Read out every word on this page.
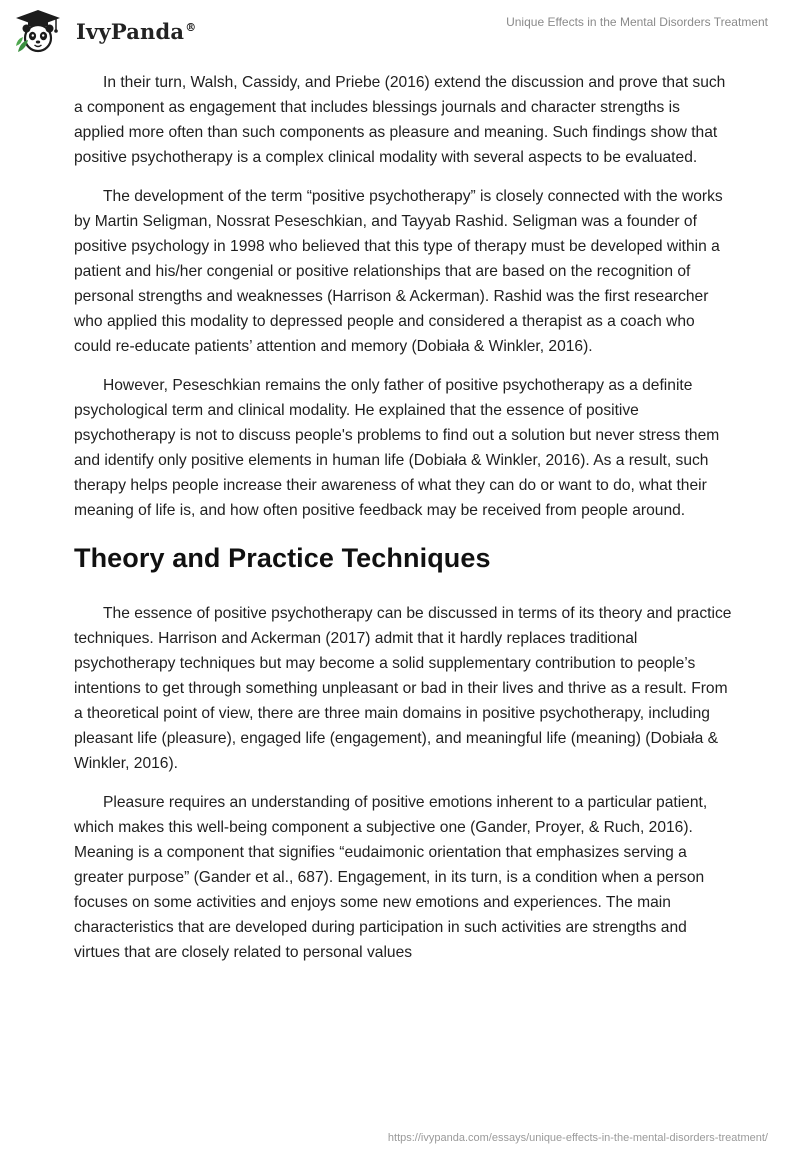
IvyPanda®	Unique Effects in the Mental Disorders Treatment

In their turn, Walsh, Cassidy, and Priebe (2016) extend the discussion and prove that such a component as engagement that includes blessings journals and character strengths is applied more often than such components as pleasure and meaning. Such findings show that positive psychotherapy is a complex clinical modality with several aspects to be evaluated.

The development of the term “positive psychotherapy” is closely connected with the works by Martin Seligman, Nossrat Peseschkian, and Tayyab Rashid. Seligman was a founder of positive psychology in 1998 who believed that this type of therapy must be developed within a patient and his/her congenial or positive relationships that are based on the recognition of personal strengths and weaknesses (Harrison & Ackerman). Rashid was the first researcher who applied this modality to depressed people and considered a therapist as a coach who could re-educate patients’ attention and memory (Dobiała & Winkler, 2016).

However, Peseschkian remains the only father of positive psychotherapy as a definite psychological term and clinical modality. He explained that the essence of positive psychotherapy is not to discuss people's problems to find out a solution but never stress them and identify only positive elements in human life (Dobiała & Winkler, 2016). As a result, such therapy helps people increase their awareness of what they can do or want to do, what their meaning of life is, and how often positive feedback may be received from people around.

Theory and Practice Techniques

The essence of positive psychotherapy can be discussed in terms of its theory and practice techniques. Harrison and Ackerman (2017) admit that it hardly replaces traditional psychotherapy techniques but may become a solid supplementary contribution to people’s intentions to get through something unpleasant or bad in their lives and thrive as a result. From a theoretical point of view, there are three main domains in positive psychotherapy, including pleasant life (pleasure), engaged life (engagement), and meaningful life (meaning) (Dobiała & Winkler, 2016).

Pleasure requires an understanding of positive emotions inherent to a particular patient, which makes this well-being component a subjective one (Gander, Proyer, & Ruch, 2016). Meaning is a component that signifies “eudaimonic orientation that emphasizes serving a greater purpose” (Gander et al., 687). Engagement, in its turn, is a condition when a person focuses on some activities and enjoys some new emotions and experiences. The main characteristics that are developed during participation in such activities are strengths and virtues that are closely related to personal values

https://ivypanda.com/essays/unique-effects-in-the-mental-disorders-treatment/
